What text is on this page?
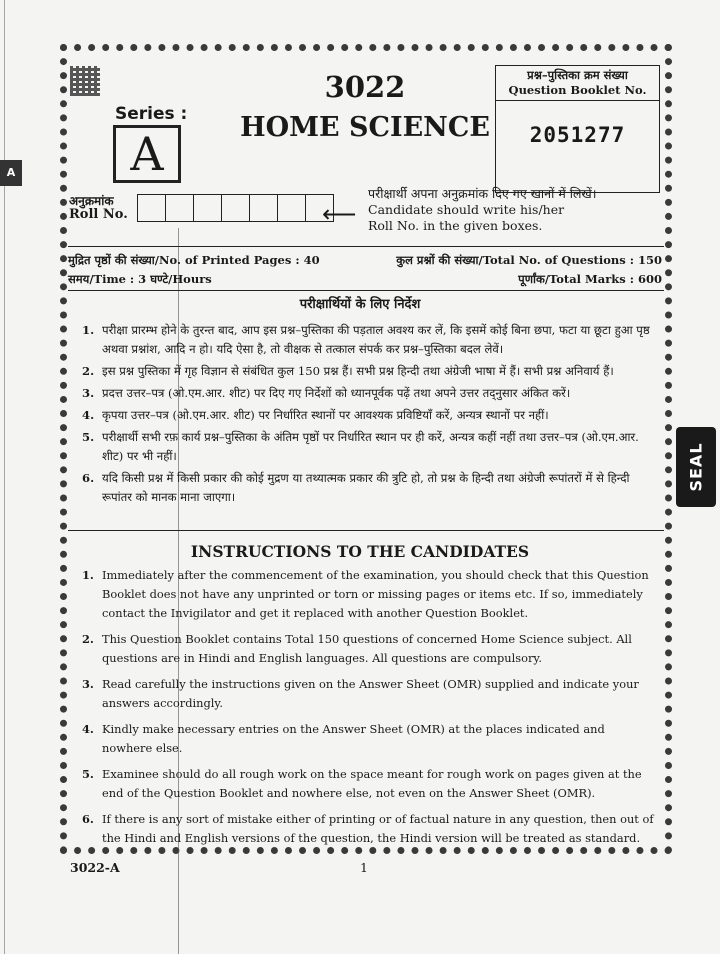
A
Series :
A
3022
HOME SCIENCE
प्रश्न–पुस्तिका क्रम संख्या
Question Booklet No.
2051277
SEAL
अनुक्रमांक
Roll No.	⟵
परीक्षार्थी अपना अनुक्रमांक दिए गए खानों में लिखें।
Candidate should write his/her
Roll No. in the given boxes.
मुद्रित पृष्ठों की संख्या/No. of Printed Pages : 40	कुल प्रश्नों की संख्या/Total No. of Questions : 150
समय/Time : 3 घण्टे/Hours	पूर्णांक/Total Marks : 600
परीक्षार्थियों के लिए निर्देश
1. परीक्षा प्रारम्भ होने के तुरन्त बाद, आप इस प्रश्न–पुस्तिका की पड़ताल अवश्य कर लें, कि इसमें कोई बिना छपा, फटा या छूटा हुआ पृष्ठ अथवा प्रश्नांश, आदि न हो। यदि ऐसा है, तो वीक्षक से तत्काल संपर्क कर प्रश्न–पुस्तिका बदल लेवें।
2. इस प्रश्न पुस्तिका में गृह विज्ञान से संबंधित कुल 150 प्रश्न हैं। सभी प्रश्न हिन्दी तथा अंग्रेजी भाषा में हैं। सभी प्रश्न अनिवार्य हैं।
3. प्रदत्त उत्तर–पत्र (ओ.एम.आर. शीट) पर दिए गए निर्देशों को ध्यानपूर्वक पढ़ें तथा अपने उत्तर तद्नुसार अंकित करें।
4. कृपया उत्तर–पत्र (ओ.एम.आर. शीट) पर निर्धारित स्थानों पर आवश्यक प्रविष्टियाँ करें, अन्यत्र स्थानों पर नहीं।
5. परीक्षार्थी सभी रफ़ कार्य प्रश्न–पुस्तिका के अंतिम पृष्ठों पर निर्धारित स्थान पर ही करें, अन्यत्र कहीं नहीं तथा उत्तर–पत्र (ओ.एम.आर. शीट) पर भी नहीं।
6. यदि किसी प्रश्न में किसी प्रकार की कोई मुद्रण या तथ्यात्मक प्रकार की त्रुटि हो, तो प्रश्न के हिन्दी तथा अंग्रेजी रूपांतरों में से हिन्दी रूपांतर को मानक माना जाएगा।
INSTRUCTIONS TO THE CANDIDATES
1. Immediately after the commencement of the examination, you should check that this Question Booklet does not have any unprinted or torn or missing pages or items etc. If so, immediately contact the Invigilator and get it replaced with another Question Booklet.
2. This Question Booklet contains Total 150 questions of concerned Home Science subject. All questions are in Hindi and English languages. All questions are compulsory.
3. Read carefully the instructions given on the Answer Sheet (OMR) supplied and indicate your answers accordingly.
4. Kindly make necessary entries on the Answer Sheet (OMR) at the places indicated and nowhere else.
5. Examinee should do all rough work on the space meant for rough work on pages given at the end of the Question Booklet and nowhere else, not even on the Answer Sheet (OMR).
6. If there is any sort of mistake either of printing or of factual nature in any question, then out of the Hindi and English versions of the question, the Hindi version will be treated as standard.
3022-A	1
